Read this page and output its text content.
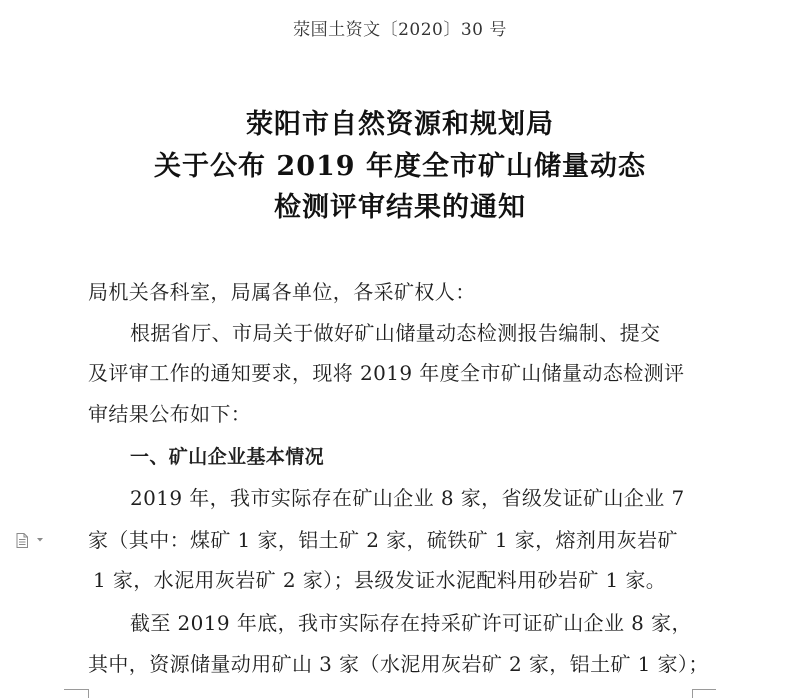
荥国土资文〔2020〕30 号
荥阳市自然资源和规划局
关于公布 2019 年度全市矿山储量动态
检测评审结果的通知
局机关各科室，局属各单位，各采矿权人：
根据省厅、市局关于做好矿山储量动态检测报告编制、提交
及评审工作的通知要求，现将 2019 年度全市矿山储量动态检测评
审结果公布如下：
一、矿山企业基本情况
2019 年，我市实际存在矿山企业 8 家，省级发证矿山企业 7
家（其中：煤矿 1 家，铝土矿 2 家，硫铁矿 1 家，熔剂用灰岩矿
1 家，水泥用灰岩矿 2 家）；县级发证水泥配料用砂岩矿 1 家。
截至 2019 年底，我市实际存在持采矿许可证矿山企业 8 家，
其中，资源储量动用矿山 3 家（水泥用灰岩矿 2 家，铝土矿 1 家）；
